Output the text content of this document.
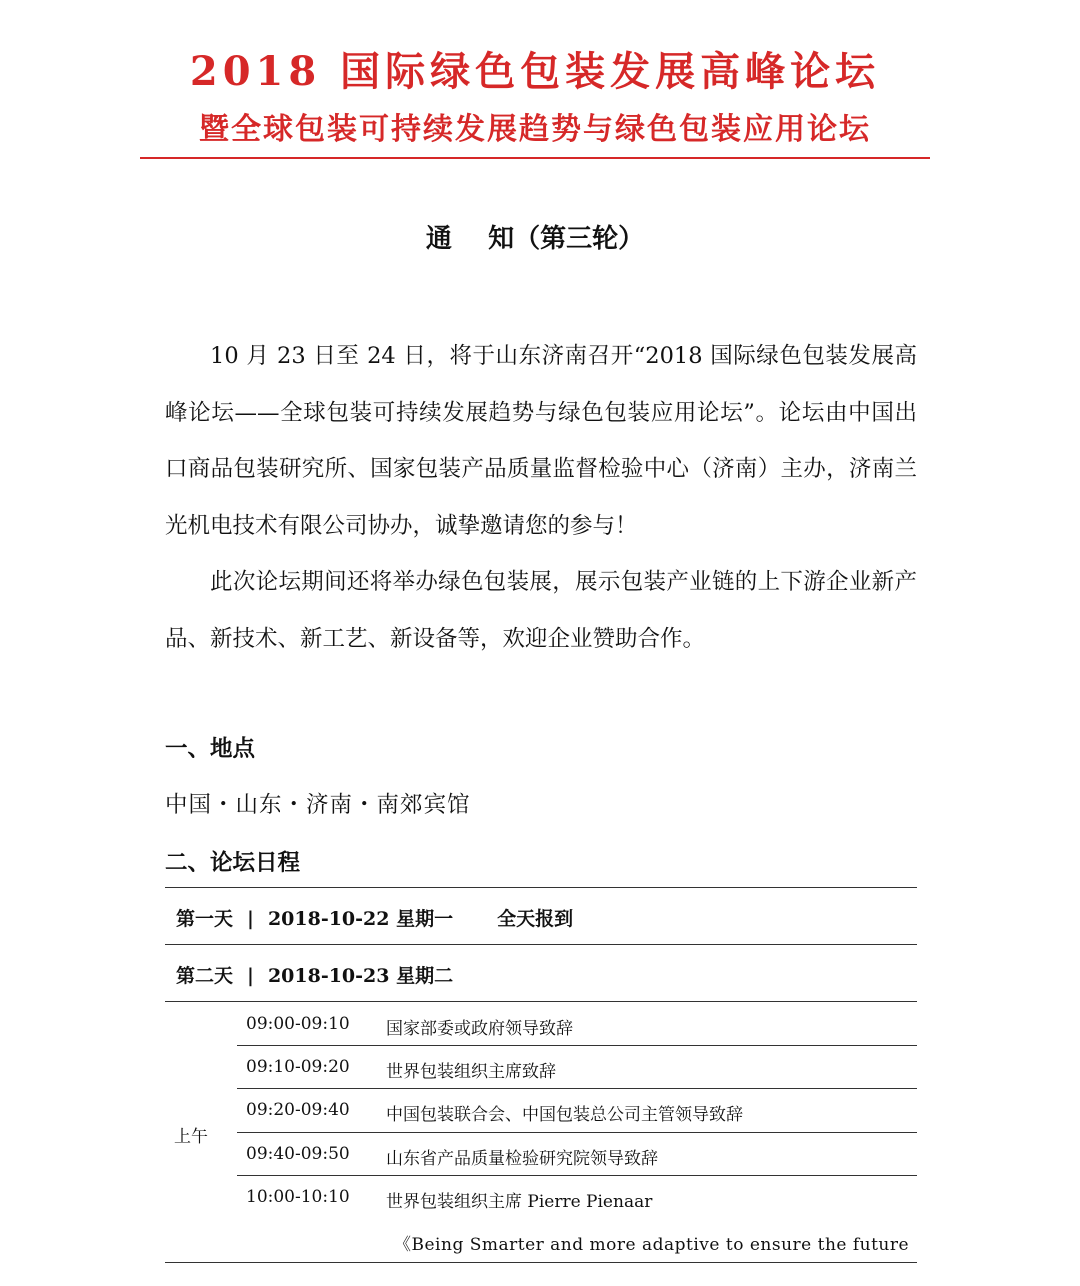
2018 国际绿色包装发展高峰论坛
暨全球包装可持续发展趋势与绿色包装应用论坛
通    知（第三轮）

10 月 23 日至 24 日，将于山东济南召开“2018 国际绿色包装发展高峰论坛——全球包装可持续发展趋势与绿色包装应用论坛”。论坛由中国出口商品包装研究所、国家包装产品质量监督检验中心（济南）主办，济南兰光机电技术有限公司协办，诚挚邀请您的参与！

此次论坛期间还将举办绿色包装展，展示包装产业链的上下游企业新产品、新技术、新工艺、新设备等，欢迎企业赞助合作。

一、地点
中国・山东・济南・南郊宾馆
二、论坛日程
第一天 | 2018-10-22 星期一 全天报到
第二天 | 2018-10-23 星期二
上午
09:00-09:10 国家部委或政府领导致辞
09:10-09:20 世界包装组织主席致辞
09:20-09:40 中国包装联合会、中国包装总公司主管领导致辞
09:40-09:50 山东省产品质量检验研究院领导致辞
10:00-10:10 世界包装组织主席 Pierre Pienaar
《Being Smarter and more adaptive to ensure the future
